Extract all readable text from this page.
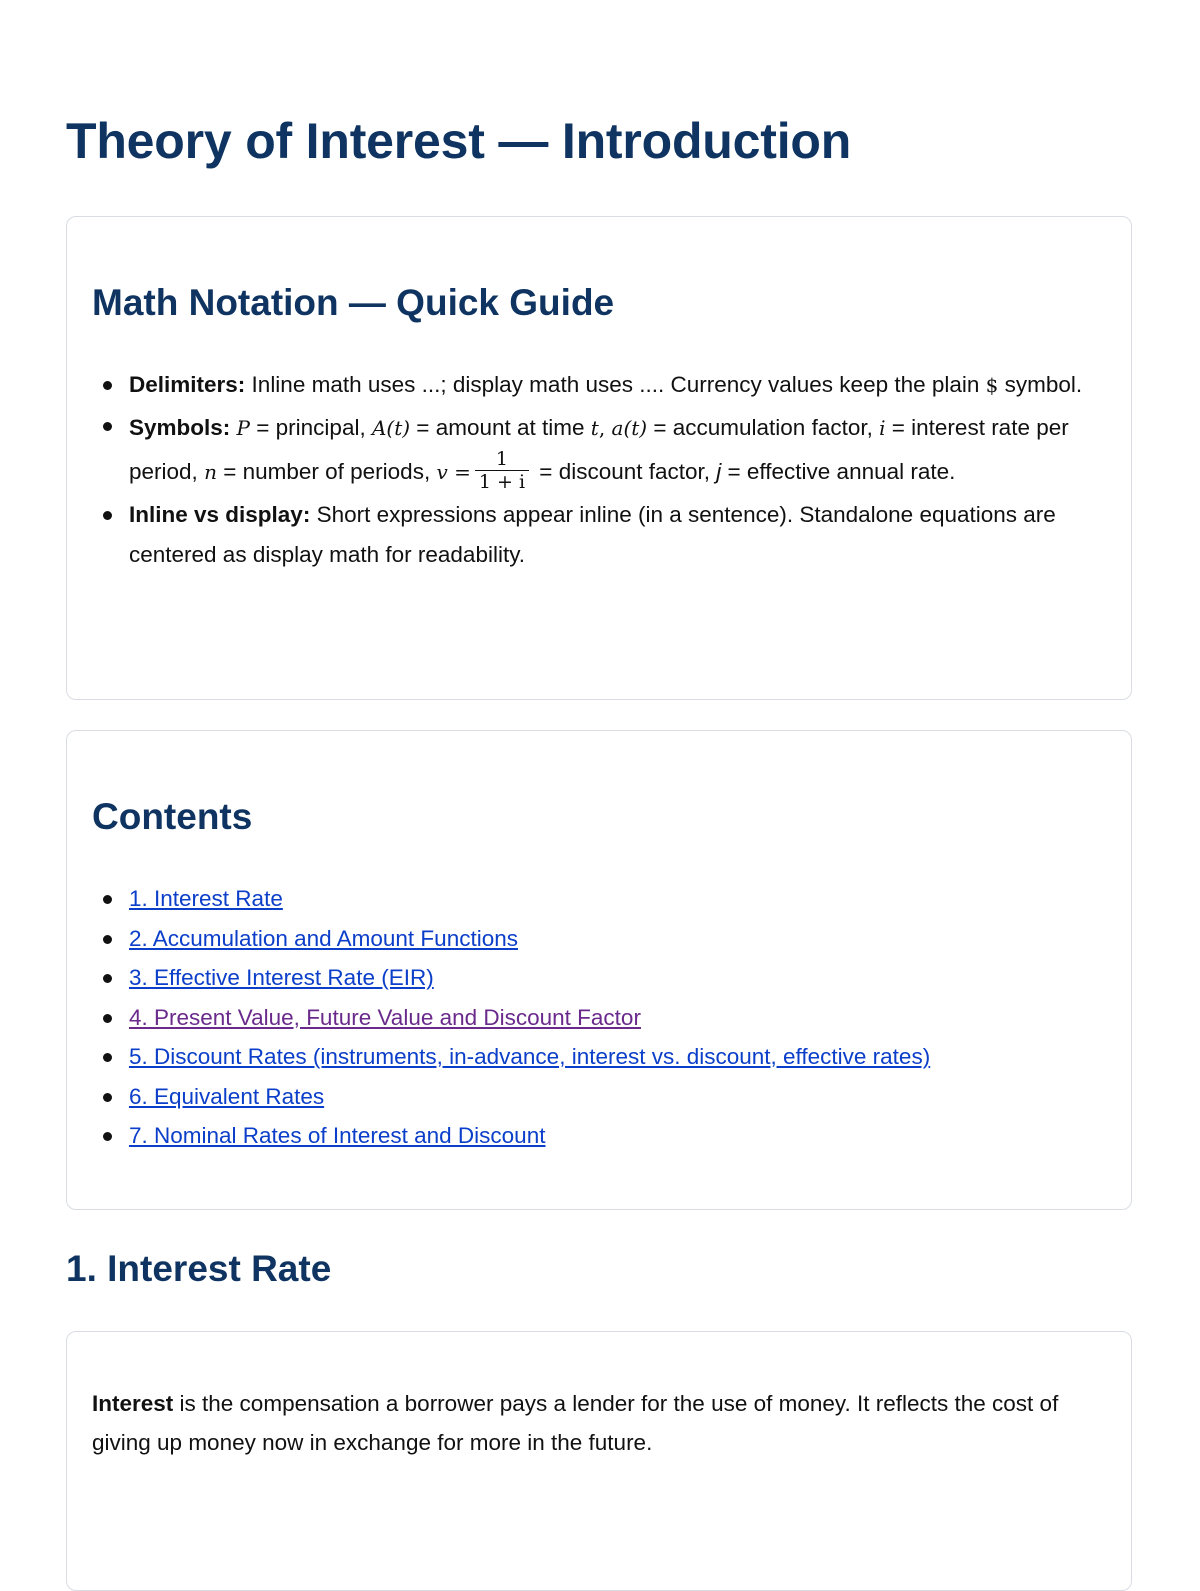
Theory of Interest — Introduction
Math Notation — Quick Guide
Delimiters: Inline math uses ...; display math uses .... Currency values keep the plain $ symbol.
Symbols: P = principal, A(t) = amount at time t, a(t) = accumulation factor, i = interest rate per period, n = number of periods, $v = \frac{1}{1 + i}$ = discount factor, j = effective annual rate.
Inline vs display: Short expressions appear inline (in a sentence). Standalone equations are centered as display math for readability.
Contents
1. Interest Rate
2. Accumulation and Amount Functions
3. Effective Interest Rate (EIR)
4. Present Value, Future Value and Discount Factor
5. Discount Rates (instruments, in-advance, interest vs. discount, effective rates)
6. Equivalent Rates
7. Nominal Rates of Interest and Discount
1. Interest Rate

Interest is the compensation a borrower pays a lender for the use of money. It reflects the cost of giving up money now in exchange for more in the future.
